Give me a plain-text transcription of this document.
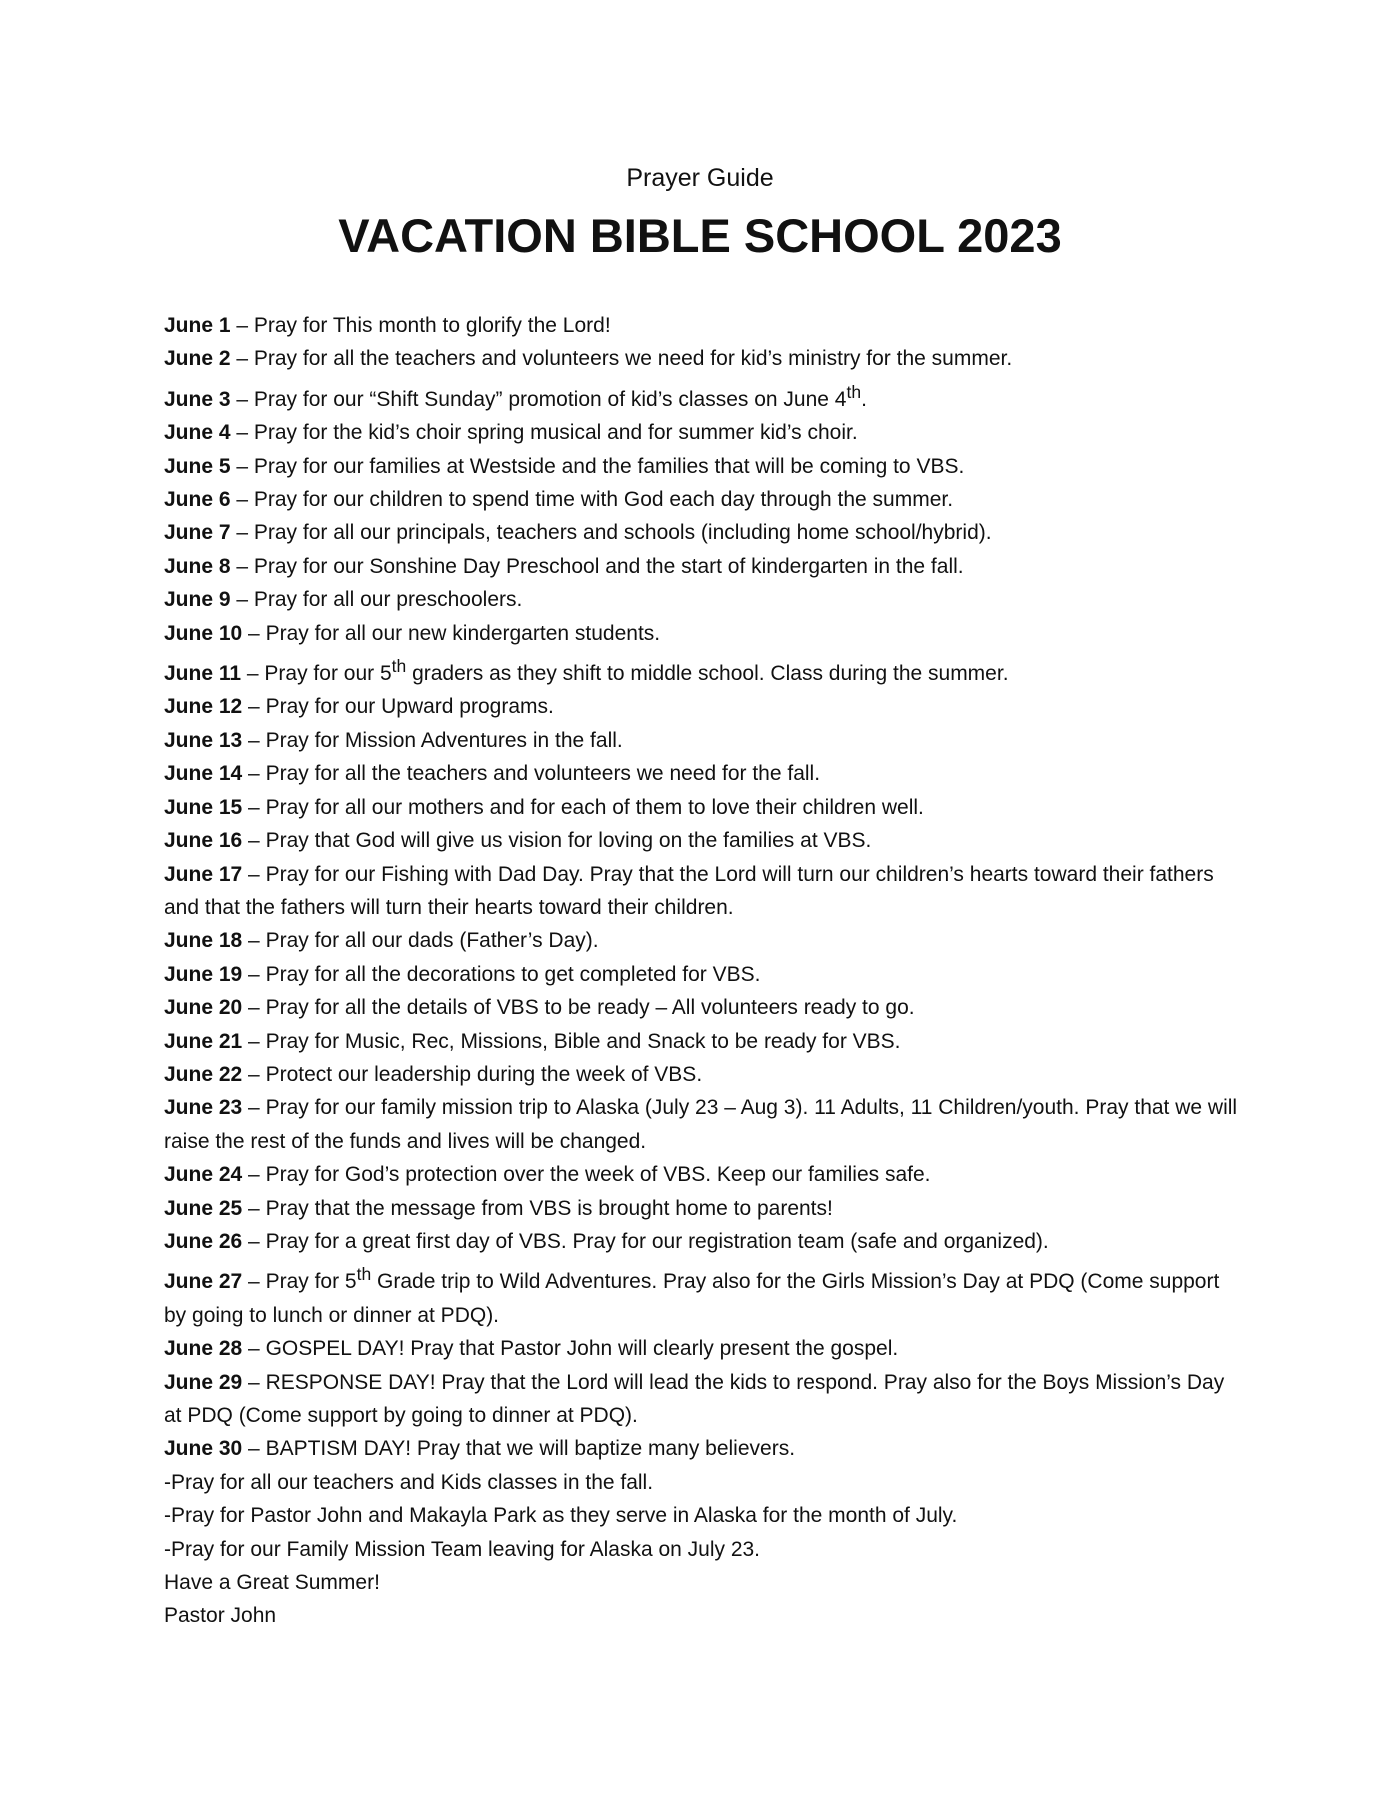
Prayer Guide
VACATION BIBLE SCHOOL 2023

June 1 – Pray for This month to glorify the Lord!

June 2 – Pray for all the teachers and volunteers we need for kid’s ministry for the summer.

June 3 – Pray for our “Shift Sunday” promotion of kid’s classes on June 4th.

June 4 – Pray for the kid’s choir spring musical and for summer kid’s choir.

June 5 – Pray for our families at Westside and the families that will be coming to VBS.

June 6 – Pray for our children to spend time with God each day through the summer.

June 7 – Pray for all our principals, teachers and schools (including home school/hybrid).

June 8 – Pray for our Sonshine Day Preschool and the start of kindergarten in the fall.

June 9 – Pray for all our preschoolers.

June 10 – Pray for all our new kindergarten students.

June 11 – Pray for our 5th graders as they shift to middle school. Class during the summer.

June 12 – Pray for our Upward programs.

June 13 – Pray for Mission Adventures in the fall.

June 14 – Pray for all the teachers and volunteers we need for the fall.

June 15 – Pray for all our mothers and for each of them to love their children well.

June 16 – Pray that God will give us vision for loving on the families at VBS.

June 17 – Pray for our Fishing with Dad Day. Pray that the Lord will turn our children’s hearts toward their fathers and that the fathers will turn their hearts toward their children.

June 18 – Pray for all our dads (Father’s Day).

June 19 – Pray for all the decorations to get completed for VBS.

June 20 – Pray for all the details of VBS to be ready – All volunteers ready to go.

June 21 – Pray for Music, Rec, Missions, Bible and Snack to be ready for VBS.

June 22 – Protect our leadership during the week of VBS.

June 23 – Pray for our family mission trip to Alaska (July 23 – Aug 3). 11 Adults, 11 Children/youth. Pray that we will raise the rest of the funds and lives will be changed.

June 24 – Pray for God’s protection over the week of VBS. Keep our families safe.

June 25 – Pray that the message from VBS is brought home to parents!

June 26 – Pray for a great first day of VBS. Pray for our registration team (safe and organized).

June 27 – Pray for 5th Grade trip to Wild Adventures. Pray also for the Girls Mission’s Day at PDQ (Come support by going to lunch or dinner at PDQ).

June 28 – GOSPEL DAY! Pray that Pastor John will clearly present the gospel.

June 29 – RESPONSE DAY! Pray that the Lord will lead the kids to respond. Pray also for the Boys Mission’s Day at PDQ (Come support by going to dinner at PDQ).

June 30 – BAPTISM DAY! Pray that we will baptize many believers.

-Pray for all our teachers and Kids classes in the fall.

-Pray for Pastor John and Makayla Park as they serve in Alaska for the month of July.

-Pray for our Family Mission Team leaving for Alaska on July 23.

Have a Great Summer!

Pastor John
